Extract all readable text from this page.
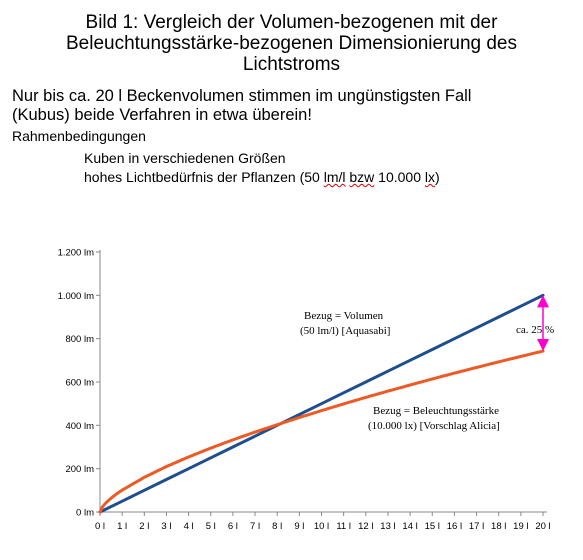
Bild 1: Vergleich der Volumen-bezogenen mit der
Beleuchtungsstärke-bezogenen Dimensionierung des
Lichtstroms
Nur bis ca. 20 l Beckenvolumen stimmen im ungünstigsten Fall
(Kubus) beide Verfahren in etwa überein!
Rahmenbedingungen
Kuben in verschiedenen Größen
hohes Lichtbedürfnis der Pflanzen (50 lm/l bzw 10.000 lx)
0 lm
200 lm
400 lm
600 lm
800 lm
1.000 lm
1.200 lm
0 l 1 l 2 l 3 l 4 l 5 l 6 l 7 l 8 l 9 l 10 l 11 l 12 l 13 l 14 l 15 l 16 l 17 l 18 l 19 l 20 l
Bezug = Volumen
(50 lm/l) [Aquasabi]
Bezug = Beleuchtungsstärke
(10.000 lx) [Vorschlag Alicia]
ca. 25 %
